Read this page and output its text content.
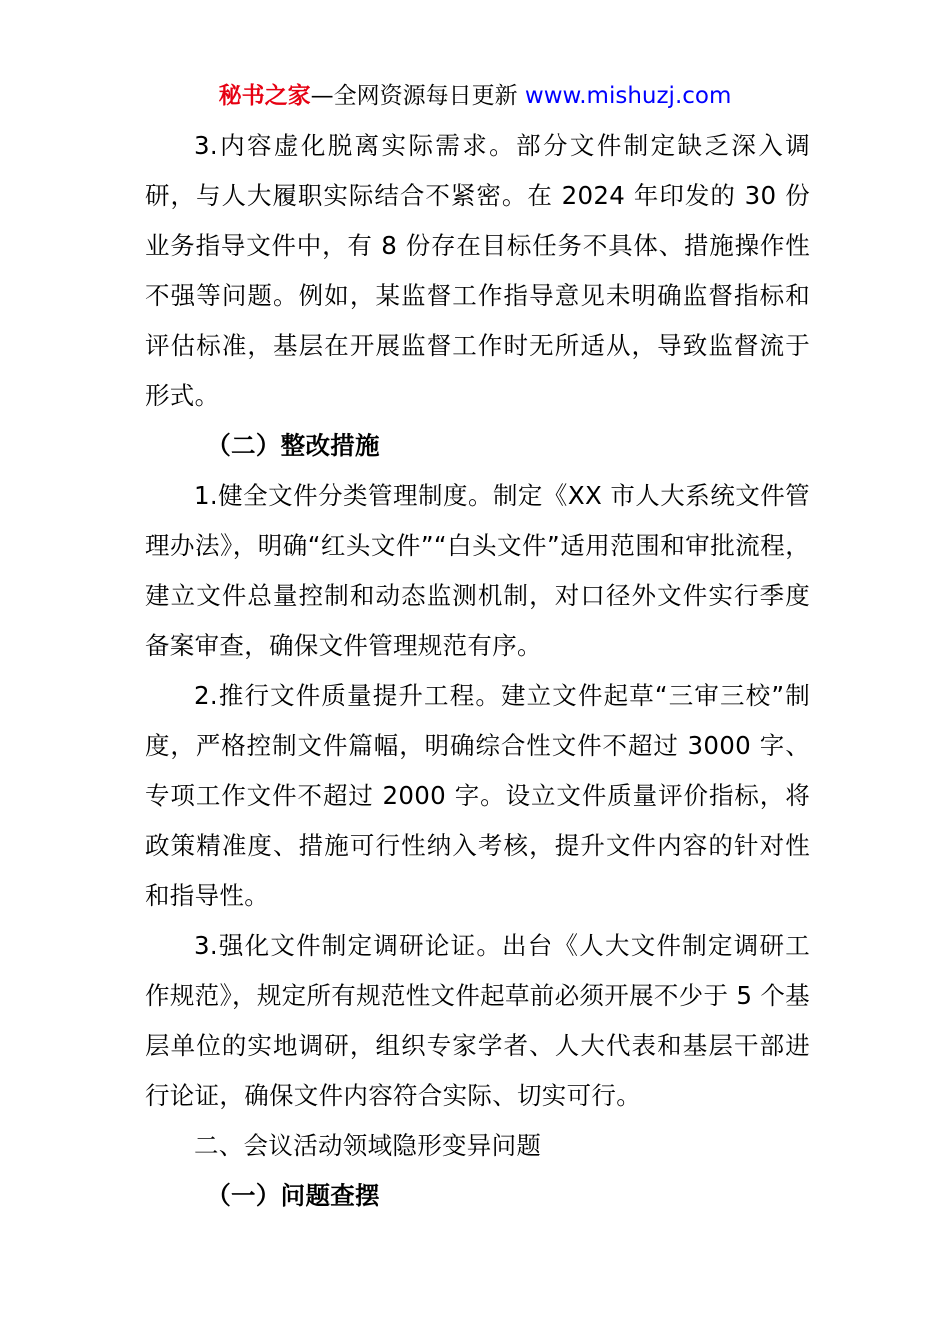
秘书之家—全网资源每日更新 www.mishuzj.com

3.内容虚化脱离实际需求。部分文件制定缺乏深入调研，与人大履职实际结合不紧密。在 2024 年印发的 30 份业务指导文件中，有 8 份存在目标任务不具体、措施操作性不强等问题。例如，某监督工作指导意见未明确监督指标和评估标准，基层在开展监督工作时无所适从，导致监督流于形式。

（二）整改措施

1.健全文件分类管理制度。制定《XX 市人大系统文件管理办法》，明确“红头文件”“白头文件”适用范围和审批流程，建立文件总量控制和动态监测机制，对口径外文件实行季度备案审查，确保文件管理规范有序。

2.推行文件质量提升工程。建立文件起草“三审三校”制度，严格控制文件篇幅，明确综合性文件不超过 3000 字、专项工作文件不超过 2000 字。设立文件质量评价指标，将政策精准度、措施可行性纳入考核，提升文件内容的针对性和指导性。

3.强化文件制定调研论证。出台《人大文件制定调研工作规范》，规定所有规范性文件起草前必须开展不少于 5 个基层单位的实地调研，组织专家学者、人大代表和基层干部进行论证，确保文件内容符合实际、切实可行。

二、会议活动领域隐形变异问题

（一）问题查摆
